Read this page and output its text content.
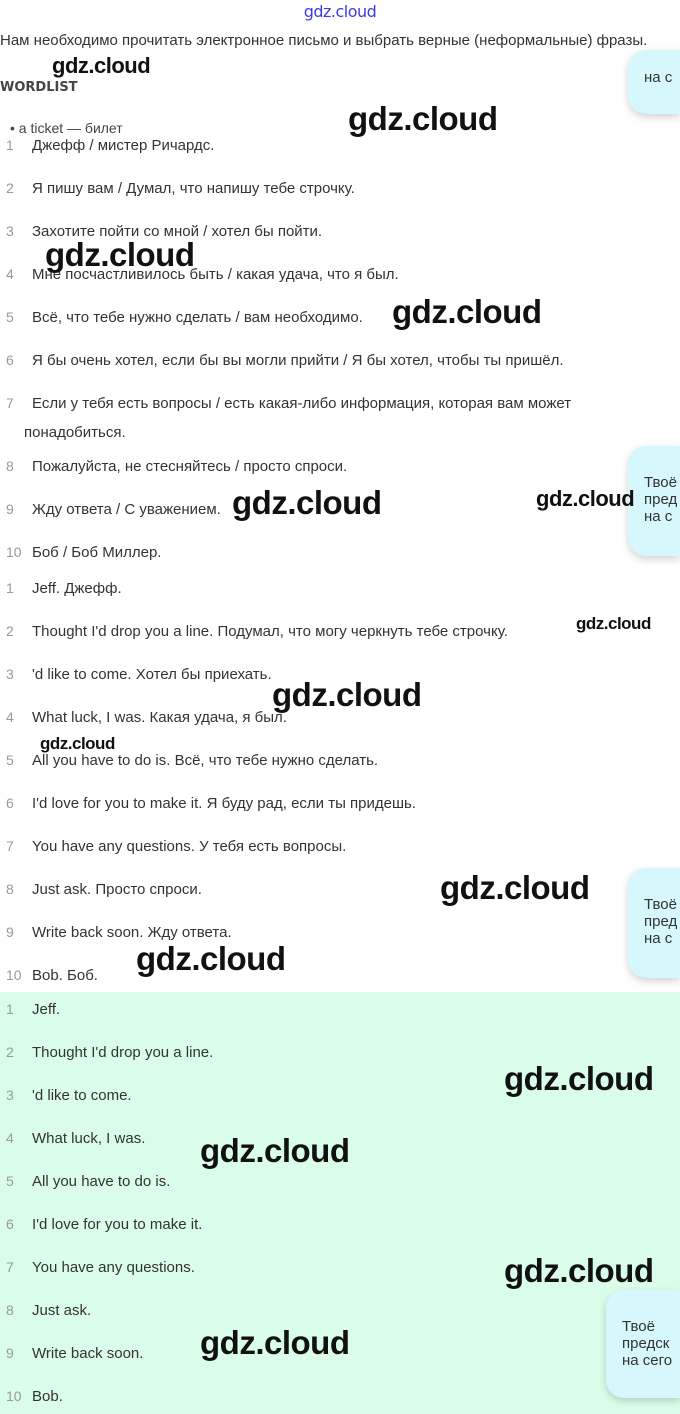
gdz.cloud
Нам необходимо прочитать электронное письмо и выбрать верные (неформальные) фразы.
WORDLIST
• a ticket — билет
1	Джефф / мистер Ричардс.
2	Я пишу вам / Думал, что напишу тебе строчку.
3	Захотите пойти со мной / хотел бы пойти.
4	Мне посчастливилось быть / какая удача, что я был.
5	Всё, что тебе нужно сделать / вам необходимо.
6	Я бы очень хотел, если бы вы могли прийти / Я бы хотел, чтобы ты пришёл.
7	Если у тебя есть вопросы / есть какая-либо информация, которая вам может
понадобиться.
8	Пожалуйста, не стесняйтесь / просто спроси.
9	Жду ответа / С уважением.
10 Боб / Боб Миллер.
1	Jeff. Джефф.
2	Thought I'd drop you a line. Подумал, что могу черкнуть тебе строчку.
3	'd like to come. Хотел бы приехать.
4	What luck, I was. Какая удача, я был.
5	All you have to do is. Всё, что тебе нужно сделать.
6	I'd love for you to make it. Я буду рад, если ты придешь.
7	You have any questions. У тебя есть вопросы.
8	Just ask. Просто спроси.
9	Write back soon. Жду ответа.
10 Bob. Боб.
1	Jeff.
2	Thought I'd drop you a line.
3	'd like to come.
4	What luck, I was.
5	All you have to do is.
6	I'd love for you to make it.
7	You have any questions.
8	Just ask.
9	Write back soon.
10 Bob.
на с
Твоё
пред
на с
Твоё
пред
на с
Твоё
предск
на сего
gdz.cloud
gdz.cloud
gdz.cloud
gdz.cloud
gdz.cloud	gdz.cloud
gdz.cloud
gdz.cloud
gdz.cloud
gdz.cloud
gdz.cloud
gdz.cloud
gdz.cloud
gdz.cloud
gdz.cloud
